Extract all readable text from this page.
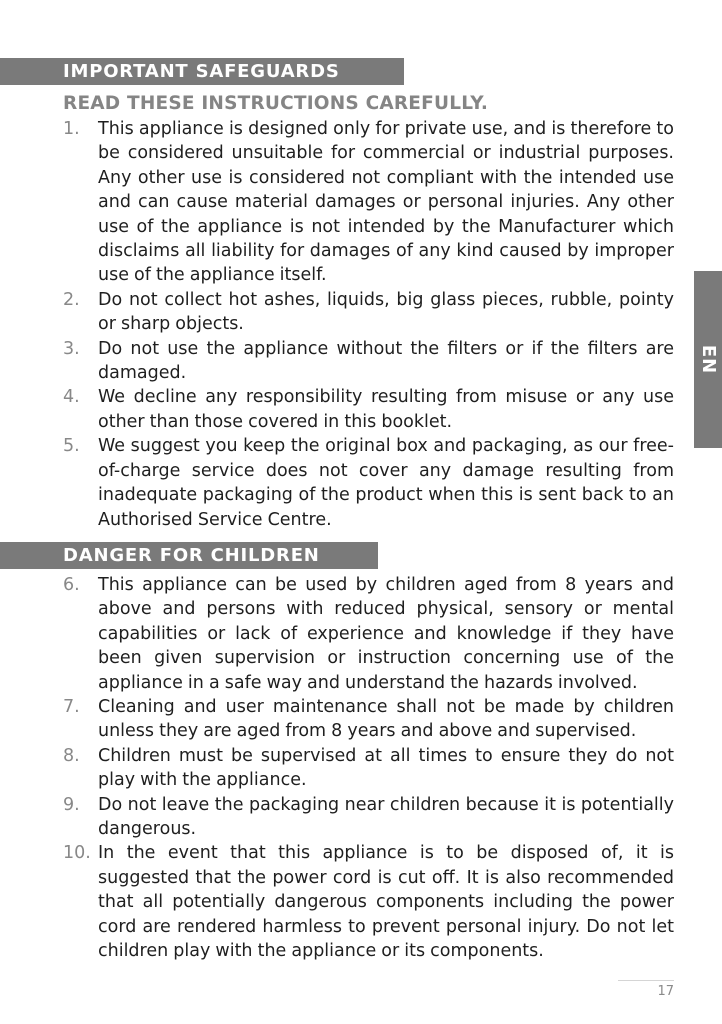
IMPORTANT SAFEGUARDS
READ THESE INSTRUCTIONS CAREFULLY.
1. This appliance is designed only for private use, and is therefore to be considered unsuitable for commercial or industrial purposes. Any other use is considered not compliant with the intended use and can cause material damages or personal injuries. Any other use of the appliance is not intended by the Manufacturer which disclaims all liability for damages of any kind caused by improper use of the appliance itself.
2. Do not collect hot ashes, liquids, big glass pieces, rubble, pointy or sharp objects.
3. Do not use the appliance without the filters or if the filters are damaged.
4. We decline any responsibility resulting from misuse or any use other than those covered in this booklet.
5. We suggest you keep the original box and packaging, as our free-of-charge service does not cover any damage resulting from inadequate packaging of the product when this is sent back to an Authorised Service Centre.
DANGER FOR CHILDREN
6. This appliance can be used by children aged from 8 years and above and persons with reduced physical, sensory or mental capabilities or lack of experience and knowledge if they have been given supervision or instruction concerning use of the appliance in a safe way and understand the hazards involved.
7. Cleaning and user maintenance shall not be made by children unless they are aged from 8 years and above and supervised.
8. Children must be supervised at all times to ensure they do not play with the appliance.
9. Do not leave the packaging near children because it is potentially dangerous.
10. In the event that this appliance is to be disposed of, it is suggested that the power cord is cut off. It is also recommended that all potentially dangerous components including the power cord are rendered harmless to prevent personal injury. Do not let children play with the appliance or its components.
EN
17
